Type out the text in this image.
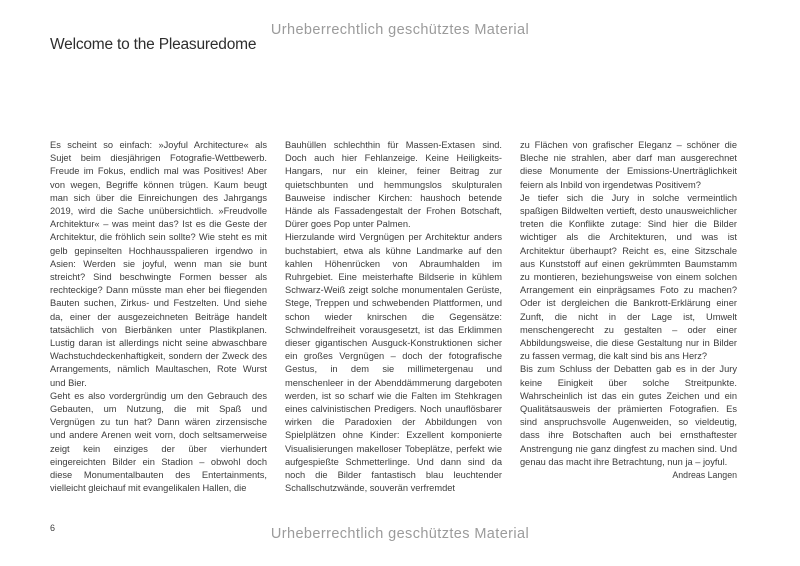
Urheberrechtlich geschütztes Material
Welcome to the Pleasuredome

Es scheint so einfach: »Joyful Architecture« als Sujet beim diesjährigen Fotografie-Wettbewerb. Freude im Fokus, endlich mal was Positives! Aber von wegen, Begriffe können trügen. Kaum beugt man sich über die Einreichungen des Jahrgangs 2019, wird die Sache unübersichtlich. »Freudvolle Architektur« – was meint das? Ist es die Geste der Architektur, die fröhlich sein sollte? Wie steht es mit gelb gepinselten Hochhausspalieren irgendwo in Asien: Werden sie joyful, wenn man sie bunt streicht? Sind beschwingte Formen besser als rechteckige? Dann müsste man eher bei fliegenden Bauten suchen, Zirkus- und Festzelten. Und siehe da, einer der ausgezeichneten Beiträge handelt tatsächlich von Bierbänken unter Plastikplanen. Lustig daran ist allerdings nicht seine abwaschbare Wachstuchdeckenhaftigkeit, sondern der Zweck des Arrangements, nämlich Maultaschen, Rote Wurst und Bier.

Geht es also vordergründig um den Gebrauch des Gebauten, um Nutzung, die mit Spaß und Vergnügen zu tun hat? Dann wären zirzensische und andere Arenen weit vorn, doch seltsamerweise zeigt kein einziges der über vierhundert eingereichten Bilder ein Stadion – obwohl doch diese Monumentalbauten des Entertainments, vielleicht gleichauf mit evangelikalen Hallen, die

Bauhüllen schlechthin für Massen-Extasen sind. Doch auch hier Fehlanzeige. Keine Heiligkeits-Hangars, nur ein kleiner, feiner Beitrag zur quietschbunten und hemmungslos skulpturalen Bauweise indischer Kirchen: haushoch betende Hände als Fassadengestalt der Frohen Botschaft, Dürer goes Pop unter Palmen.

Hierzulande wird Vergnügen per Architektur anders buchstabiert, etwa als kühne Landmarke auf den kahlen Höhenrücken von Abraumhalden im Ruhrgebiet. Eine meisterhafte Bildserie in kühlem Schwarz-Weiß zeigt solche monumentalen Gerüste, Stege, Treppen und schwebenden Plattformen, und schon wieder knirschen die Gegensätze: Schwindelfreiheit vorausgesetzt, ist das Erklimmen dieser gigantischen Ausguck-Konstruktionen sicher ein großes Vergnügen – doch der fotografische Gestus, in dem sie millimetergenau und menschenleer in der Abenddämmerung dargeboten werden, ist so scharf wie die Falten im Stehkragen eines calvinistischen Predigers. Noch unauflösbarer wirken die Paradoxien der Abbildungen von Spielplätzen ohne Kinder: Exzellent komponierte Visualisierungen makelloser Tobeplätze, perfekt wie aufgespießte Schmetterlinge. Und dann sind da noch die Bilder fantastisch blau leuchtender Schallschutzwände, souverän verfremdet

zu Flächen von grafischer Eleganz – schöner die Bleche nie strahlen, aber darf man ausgerechnet diese Monumente der Emissions-Unerträglichkeit feiern als Inbild von irgendetwas Positivem?

Je tiefer sich die Jury in solche vermeintlich spaßigen Bildwelten vertieft, desto unausweichlicher treten die Konflikte zutage: Sind hier die Bilder wichtiger als die Architekturen, und was ist Architektur überhaupt? Reicht es, eine Sitzschale aus Kunststoff auf einen gekrümmten Baumstamm zu montieren, beziehungsweise von einem solchen Arrangement ein einprägsames Foto zu machen? Oder ist dergleichen die Bankrott-Erklärung einer Zunft, die nicht in der Lage ist, Umwelt menschengerecht zu gestalten – oder einer Abbildungsweise, die diese Gestaltung nur in Bilder zu fassen vermag, die kalt sind bis ans Herz?

Bis zum Schluss der Debatten gab es in der Jury keine Einigkeit über solche Streitpunkte. Wahrscheinlich ist das ein gutes Zeichen und ein Qualitätsausweis der prämierten Fotografien. Es sind anspruchsvolle Augenweiden, so vieldeutig, dass ihre Botschaften auch bei ernsthaftester Anstrengung nie ganz dingfest zu machen sind. Und genau das macht ihre Betrachtung, nun ja – joyful.

Andreas Langen

6	Urheberrechtlich geschütztes Material
